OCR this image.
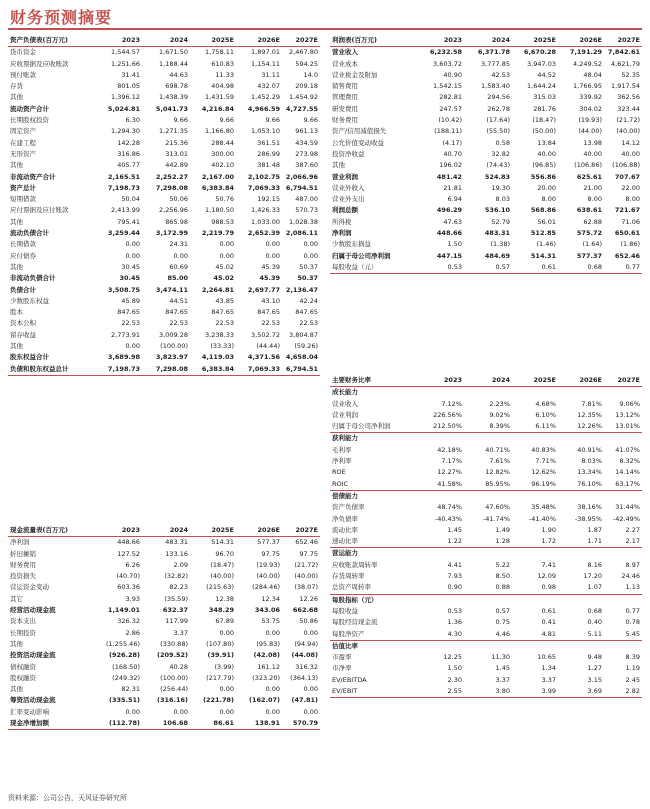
财务预测摘要
资产负债表(百万元)	2023	2024	2025E	2026E	2027E
货币资金	1,544.57	1,671.50	1,758.11	1,897.01	2,467.80
应收票据及应收账款	1,251.66	1,188.44	610.83	1,154.11	594.25
预付账款	31.41	44.63	11.33	31.11	14.0
存货	801.05	698.78	404.98	432.07	209.18
其他	1,396.12	1,438.39	1,431.59	1,452.29	1,454.92
流动资产合计	5,024.81	5,041.73	4,216.84	4,966.59	4,727.55
长期股权投资	6.30	9.66	9.66	9.66	9.66
固定资产	1,294.30	1,271.35	1,166.80	1,053.10	961.13
在建工程	142.28	215.36	288.44	361.51	434.59
无形资产	316.86	313.01	300.00	286.99	273.98
其他	405.77	442.89	402.10	381.48	387.60
非流动资产合计	2,165.51	2,252.27	2,167.00	2,102.75	2,066.96
资产总计	7,198.73	7,298.08	6,383.84	7,069.33	6,794.51
短期借款	50.04	50.06	50.76	192.15	487.00
应付票据及应付账款	2,413.99	2,256.96	1,180.50	1,426.33	570.73
其他	795.41	865.98	988.53	1,033.00	1,028.38
流动负债合计	3,259.44	3,172.99	2,219.79	2,652.39	2,086.11
长期借款	0.00	24.31	0.00	0.00	0.00
应付债券	0.00	0.00	0.00	0.00	0.00
其他	30.45	60.69	45.02	45.39	50.37
非流动负债合计	30.45	85.00	45.02	45.39	50.37
负债合计	3,508.75	3,474.11	2,264.81	2,697.77	2,136.47
少数股东权益	45.89	44.51	43.85	43.10	42.24
股本	847.65	847.65	847.65	847.65	847.65
资本公积	22.53	22.53	22.53	22.53	22.53
留存收益	2,773.91	3,009.28	3,238.33	3,502.72	3,804.87
其他	0.00	(100.00)	(33.33)	(44.44)	(59.26)
股东权益合计	3,689.98	3,823.97	4,119.03	4,371.56	4,658.04
负债和股东权益总计	7,198.73	7,298.08	6,383.84	7,069.33	6,794.51
利润表(百万元)	2023	2024	2025E	2026E	2027E
营业收入	6,232.58	6,371.78	6,670.28	7,191.29	7,842.61
营业成本	3,603.72	3,777.85	3,947.03	4,249.52	4,621.79
营业税金及附加	40.90	42.53	44.52	48.04	52.35
销售费用	1,542.15	1,583.40	1,644.24	1,766.95	1,917.54
管理费用	282.81	294.56	315.03	339.92	362.56
研发费用	247.57	262.78	281.76	304.02	323.44
财务费用	(10.42)	(17.64)	(18.47)	(19.93)	(21.72)
资产/信用减值损失	(188.11)	(55.50)	(50.00)	(44.00)	(40.00)
公允价值变动收益	(4.17)	0.58	13.84	13.98	14.12
投资净收益	40.70	32.82	40.00	40.00	40.00
其他	196.02	(74.43)	(96.85)	(106.86)	(106.88)
营业利润	481.42	524.83	556.86	625.61	707.67
营业外收入	21.81	19.30	20.00	21.00	22.00
营业外支出	6.94	8.03	8.00	8.00	8.00
利润总额	496.29	536.10	568.86	638.61	721.67
所得税	47.63	52.79	56.01	62.88	71.06
净利润	448.66	483.31	512.85	575.72	650.61
少数股东损益	1.50	(1.38)	(1.46)	(1.64)	(1.86)
归属于母公司净利润	447.15	484.69	514.31	577.37	652.46
每股收益（元）	0.53	0.57	0.61	0.68	0.77
主要财务比率	2023	2024	2025E	2026E	2027E
成长能力					
营业收入	7.12%	2.23%	4.68%	7.81%	9.06%
营业利润	226.56%	9.02%	6.10%	12.35%	13.12%
归属于母公司净利润	212.50%	8.39%	6.11%	12.26%	13.01%
获利能力					
毛利率	42.18%	40.71%	40.83%	40.91%	41.07%
净利率	7.17%	7.61%	7.71%	8.03%	8.32%
ROE	12.27%	12.82%	12.62%	13.34%	14.14%
ROIC	41.58%	85.95%	96.19%	76.10%	63.17%
偿债能力					
资产负债率	48.74%	47.60%	35.48%	38.16%	31.44%
净负债率	-40.43%	-41.74%	-41.40%	-38.95%	-42.49%
流动比率	1.45	1.49	1.90	1.87	2.27
速动比率	1.22	1.28	1.72	1.71	2.17
营运能力					
应收账款周转率	4.41	5.22	7.41	8.16	8.97
存货周转率	7.93	8.50	12.09	17.20	24.46
总资产周转率	0.90	0.88	0.98	1.07	1.13
每股指标（元）					
每股收益	0.53	0.57	0.61	0.68	0.77
每股经营现金流	1.36	0.75	0.41	0.40	0.78
每股净资产	4.30	4.46	4.81	5.11	5.45
估值比率					
市盈率	12.25	11.30	10.65	9.48	8.39
市净率	1.50	1.45	1.34	1.27	1.19
EV/EBITDA	2.30	3.37	3.37	3.15	2.45
EV/EBIT	2.55	3.80	3.99	3.69	2.82
现金流量表(百万元)	2023	2024	2025E	2026E	2027E
净利润	448.66	483.31	514.31	577.37	652.46
折旧摊销	127.52	133.16	96.70	97.75	97.75
财务费用	6.26	2.09	(18.47)	(19.93)	(21.72)
投资损失	(40.70)	(32.82)	(40.00)	(40.00)	(40.00)
营运资金变动	603.36	82.23	(215.63)	(284.46)	(38.07)
其它	3.93	(35.59)	12.38	12.34	12.26
经营活动现金流	1,149.01	632.37	348.29	343.06	662.68
资本支出	326.32	117.99	67.89	53.75	50.86
长期投资	2.86	3.37	0.00	0.00	0.00
其他	(1,255.46)	(330.88)	(107.80)	(95.83)	(94.94)
投资活动现金流	(926.28)	(209.52)	(39.91)	(42.08)	(44.08)
债权融资	(168.50)	40.28	(3.99)	161.12	316.32
股权融资	(249.32)	(100.00)	(217.79)	(323.20)	(364.13)
其他	82.31	(256.44)	0.00	0.00	0.00
筹资活动现金流	(335.51)	(316.16)	(221.78)	(162.07)	(47.81)
汇率变动影响	0.00	0.00	0.00	0.00	0.00
现金净增加额	(112.78)	106.68	86.61	138.91	570.79
资料来源：公司公告，天风证券研究所
